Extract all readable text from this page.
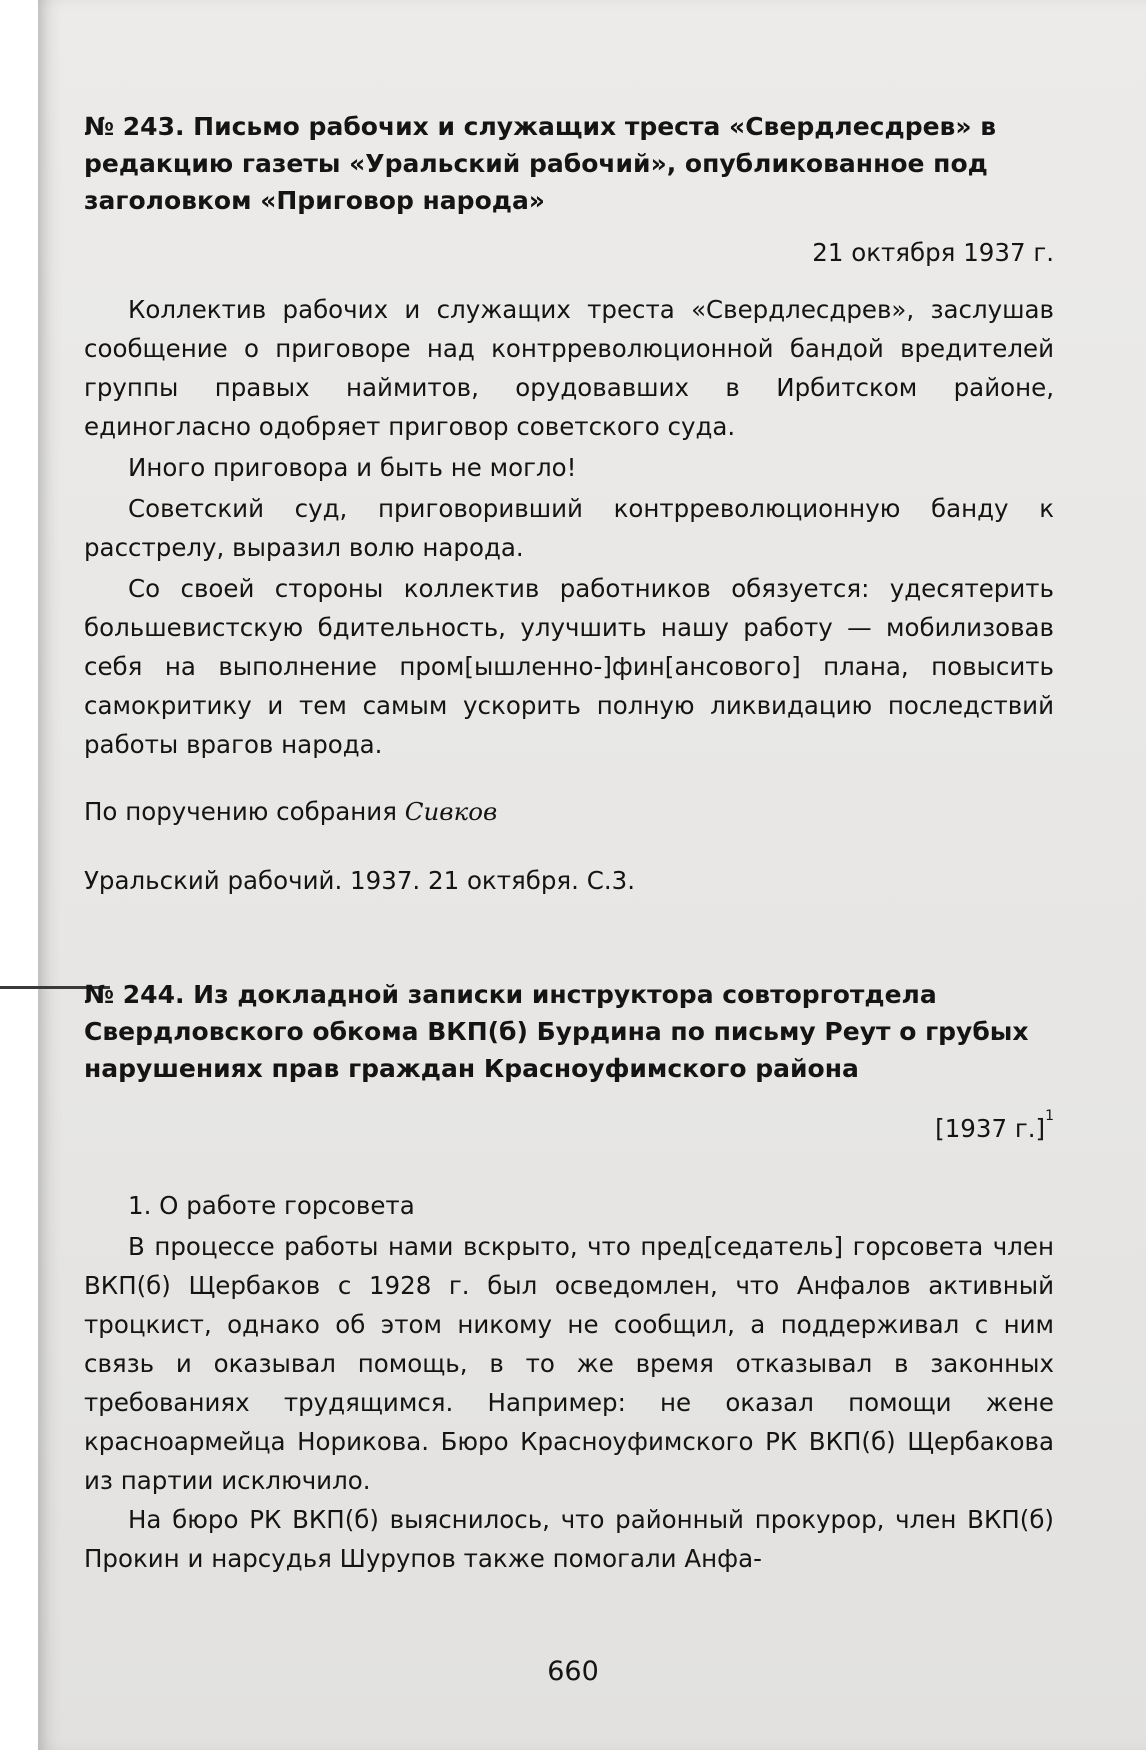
№ 243. Письмо рабочих и служащих треста «Свердлесдрев» в редакцию газеты «Уральский рабочий», опубликованное под заголовком «Приговор народа»
21 октября 1937 г.

Коллектив рабочих и служащих треста «Свердлесдрев», заслушав сообщение о приговоре над контрреволюционной бандой вредителей группы правых наймитов, орудовавших в Ирбитском районе, единогласно одобряет приговор советского суда.

Иного приговора и быть не могло!

Советский суд, приговоривший контрреволюционную банду к расстрелу, выразил волю народа.

Со своей стороны коллектив работников обязуется: удесятерить большевистскую бдительность, улучшить нашу работу — мобилизовав себя на выполнение пром[ышленно-]фин[ансового] плана, повысить самокритику и тем самым ускорить полную ликвидацию последствий работы врагов народа.

По поручению собрания Сивков
Уральский рабочий. 1937. 21 октября. С.3.
№ 244. Из докладной записки инструктора совторготдела Свердловского обкома ВКП(б) Бурдина по письму Реут о грубых нарушениях прав граждан Красноуфимского района
[1937 г.]$^1$
1. О работе горсовета

В процессе работы нами вскрыто, что пред[седатель] горсовета член ВКП(б) Щербаков с 1928 г. был осведомлен, что Анфалов активный троцкист, однако об этом никому не сообщил, а поддерживал с ним связь и оказывал помощь, в то же время отказывал в законных требованиях трудящимся. Например: не оказал помощи жене красноармейца Норикова. Бюро Красноуфимского РК ВКП(б) Щербакова из партии исключило.

На бюро РК ВКП(б) выяснилось, что районный прокурор, член ВКП(б) Прокин и нарсудья Шурупов также помогали Анфа-

660
